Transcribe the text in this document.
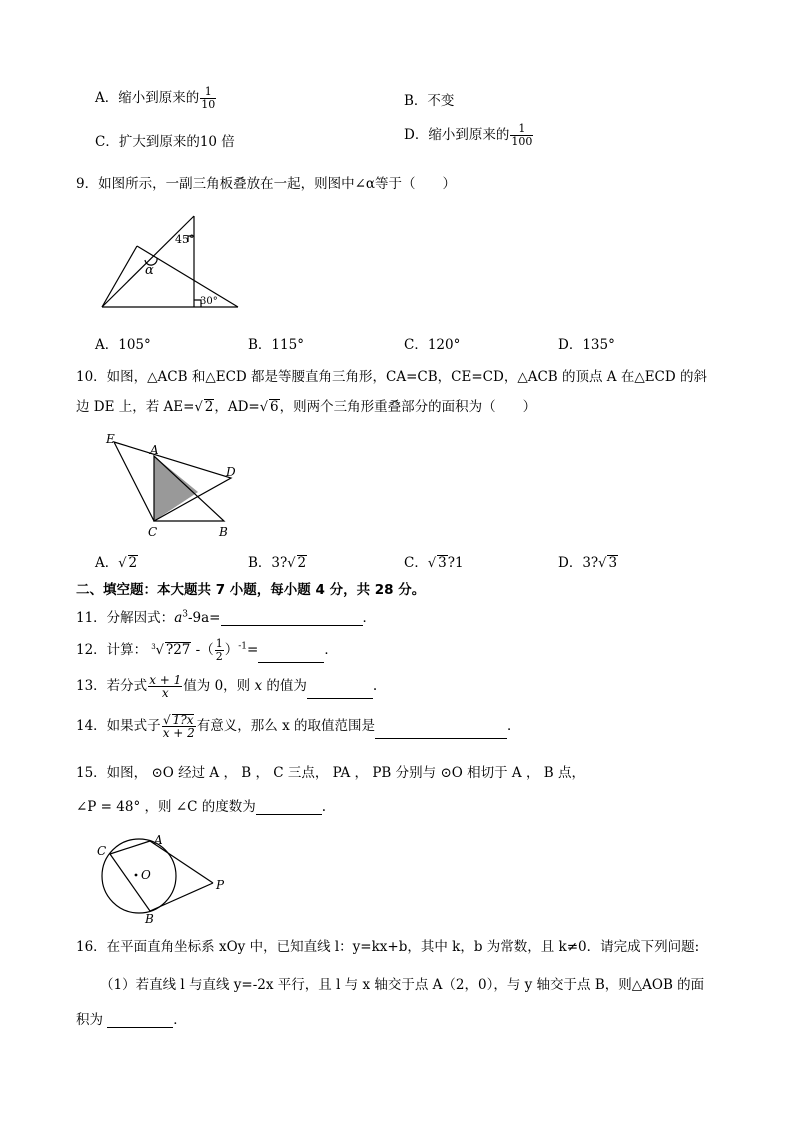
A．缩小到原来的 $\frac{1}{10}$	B．不变
C．扩大到原来的10 倍	D．缩小到原来的 $\frac{1}{100}$
9．如图所示，一副三角板叠放在一起，则图中∠α等于（　　）
45°
30°
α
A．105°	B．115°	C．120°	D．135°
10．如图，△ACB 和△ECD 都是等腰直角三角形，CA=CB，CE=CD，△ACB 的顶点 A 在△ECD 的斜
边 DE 上，若 AE=√ 2，AD=√ 6，则两个三角形重叠部分的面积为（　　）
E
A
D
C	B
A．√ 2	B．3?√ 2	C．√ 3?1	D．3?√ 3
二、填空题：本大题共 7 小题，每小题 4 分，共 28 分。
11．分解因式：$a^3-9a=$	．
12．计算： $^3$√ ?27 -（ $\frac{1}{2} )^{-1}=$	．
13．若分式 $\frac{x + 1}{x}$ 值为 0，则 x 的值为	.
14．如果式子 $\frac{√ 1?x}{x + 2}$ 有意义，那么 x 的取值范围是	．
15．如图， ⊙O 经过 A ， B ， C 三点， PA ， PB 分别与 ⊙O 相切于 A ， B 点，
∠P = 48° ，则 ∠C 的度数为	.
C
A
O
P
B
16．在平面直角坐标系 xOy 中，已知直线 l：y=kx+b，其中 k，b 为常数，且 k≠0．请完成下列问题:
（1）若直线 l 与直线 y=-2x 平行，且 l 与 x 轴交于点 A（2，0），与 y 轴交于点 B，则△AOB 的面
积为	．
